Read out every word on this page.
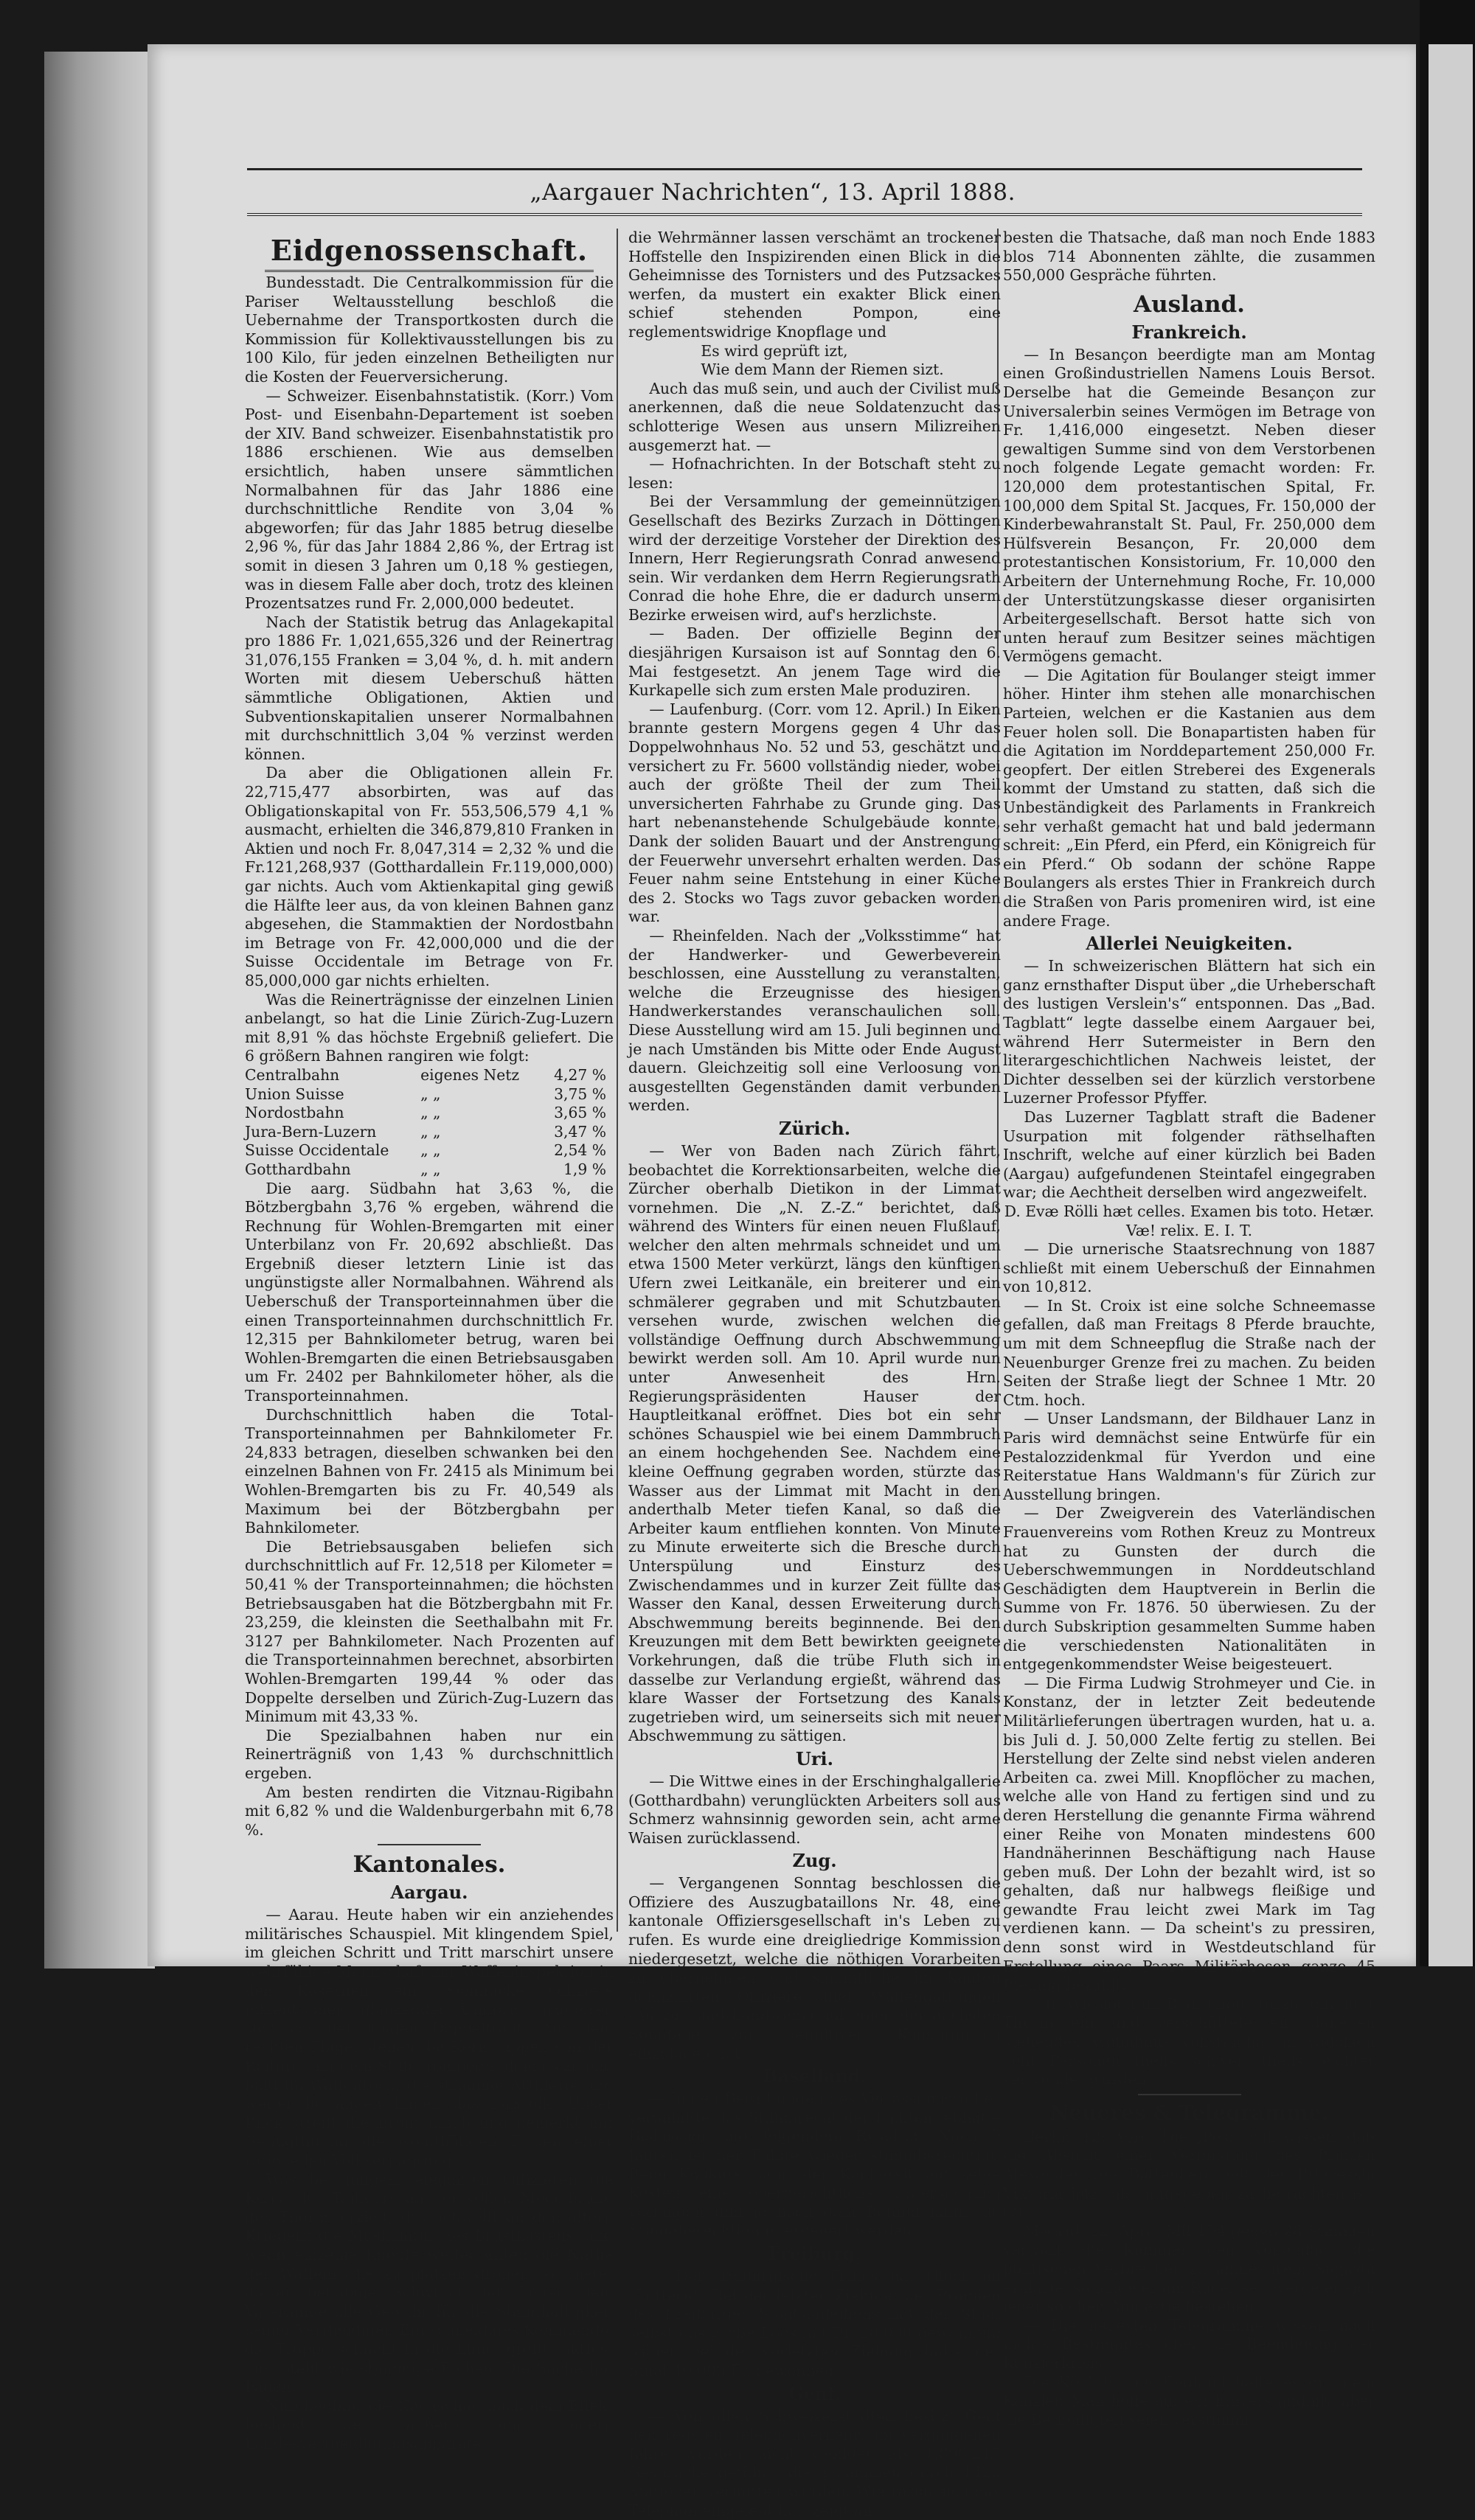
„Aargauer Nachrichten“, 13. April 1888.
Eidgenossenschaft.

Bundesstadt. Die Centralkommission für die Pariser Weltausstellung beschloß die Uebernahme der Transportkosten durch die Kommission für Kollektivausstellungen bis zu 100 Kilo, für jeden einzelnen Betheiligten nur die Kosten der Feuerversicherung.

— Schweizer. Eisenbahnstatistik. (Korr.) Vom Post- und Eisenbahn-Departement ist soeben der XIV. Band schweizer. Eisenbahnstatistik pro 1886 erschienen. Wie aus demselben ersichtlich, haben unsere sämmtlichen Normalbahnen für das Jahr 1886 eine durchschnittliche Rendite von 3,04 % abgeworfen; für das Jahr 1885 betrug dieselbe 2,96 %, für das Jahr 1884 2,86 %, der Ertrag ist somit in diesen 3 Jahren um 0,18 % gestiegen, was in diesem Falle aber doch, trotz des kleinen Prozentsatzes rund Fr. 2,000,000 bedeutet.

Nach der Statistik betrug das Anlagekapital pro 1886 Fr. 1,021,655,326 und der Reinertrag 31,076,155 Franken = 3,04 %, d. h. mit andern Worten mit diesem Ueberschuß hätten sämmtliche Obligationen, Aktien und Subventionskapitalien unserer Normalbahnen mit durchschnittlich 3,04 % verzinst werden können.

Da aber die Obligationen allein Fr. 22,715,477 absorbirten, was auf das Obligationskapital von Fr. 553,506,579 4,1 % ausmacht, erhielten die 346,879,810 Franken in Aktien und noch Fr. 8,047,314 = 2,32 % und die Fr.121,268,937 (Gotthardallein Fr.119,000,000) gar nichts. Auch vom Aktienkapital ging gewiß die Hälfte leer aus, da von kleinen Bahnen ganz abgesehen, die Stammaktien der Nordostbahn im Betrage von Fr. 42,000,000 und die der Suisse Occidentale im Betrage von Fr. 85,000,000 gar nichts erhielten.

Was die Reinerträgnisse der einzelnen Linien anbelangt, so hat die Linie Zürich-Zug-Luzern mit 8,91 % das höchste Ergebniß geliefert. Die 6 größern Bahnen rangiren wie folgt:

Centralbahn	eigenes Netz	4,27 %
Union Suisse	„ „	3,75 %
Nordostbahn	„ „	3,65 %
Jura-Bern-Luzern	„ „	3,47 %
Suisse Occidentale	„ „	2,54 %
Gotthardbahn	„ „	1,9 %

Die aarg. Südbahn hat 3,63 %, die Bötzbergbahn 3,76 % ergeben, während die Rechnung für Wohlen-Bremgarten mit einer Unterbilanz von Fr. 20,692 abschließt. Das Ergebniß dieser letztern Linie ist das ungünstigste aller Normalbahnen. Während als Ueberschuß der Transporteinnahmen über die einen Transporteinnahmen durchschnittlich Fr. 12,315 per Bahnkilometer betrug, waren bei Wohlen-Bremgarten die einen Betriebsausgaben um Fr. 2402 per Bahnkilometer höher, als die Transporteinnahmen.

Durchschnittlich haben die Total-Transporteinnahmen per Bahnkilometer Fr. 24,833 betragen, dieselben schwanken bei den einzelnen Bahnen von Fr. 2415 als Minimum bei Wohlen-Bremgarten bis zu Fr. 40,549 als Maximum bei der Bötzbergbahn per Bahnkilometer.

Die Betriebsausgaben beliefen sich durchschnittlich auf Fr. 12,518 per Kilometer = 50,41 % der Transporteinnahmen; die höchsten Betriebsausgaben hat die Bötzbergbahn mit Fr. 23,259, die kleinsten die Seethalbahn mit Fr. 3127 per Bahnkilometer. Nach Prozenten auf die Transporteinnahmen berechnet, absorbirten Wohlen-Bremgarten 199,44 % oder das Doppelte derselben und Zürich-Zug-Luzern das Minimum mit 43,33 %.

Die Spezialbahnen haben nur ein Reinerträgniß von 1,43 % durchschnittlich ergeben.

Am besten rendirten die Vitznau-Rigibahn mit 6,82 % und die Waldenburgerbahn mit 6,78 %.

Kantonales.
Aargau.

— Aarau. Heute haben wir ein anziehendes militärisches Schauspiel. Mit klingendem Spiel, im gleichen Schritt und Tritt marschirt unsere wehrfähige Mannschaft zur Waffeninspektion in den Kasernen ein. Schmucke Offiziere inkleidsamer, glänzender Uniform gruppiren sich vor der langen Doppelfront. Auf dem rechten Flügel stehen die Kerntruppen von der Reiterei mit dem Stabstrompeter, dem es zu eng bald im Waffenrock, die stramme Artillerie und weiter in langen Linien das Fußvolk. Unser Blick streift die Front hinab und bemerkt mit Genugthuung die wohlthätigen Folgen einer rationellen Volksernährung.

Was bei jungen, eleganten Offizieren die Kunst des Tailleurs an der vollen Modellirung des Thorax erzielt, das schwellt an den ältern Kriegern die Muskulatur des Brustkastens, und wenn einzelne Knöpfe weiter unten die Näthe der Waffenröcke zu platzen drohen, so bietet dieser behäbige Schwung der Linien dem Vaterlande alle Gewähr für die Standhaftigkeit seiner Vertheidiger. Ein schneidiges Kommando, die Truppe schnellt in die Linie, greift taktfest aus, steht wie stämmige Eichen. Die Sache hat Faden.

Nun beginnt die Nachschau nach dem Effekt bestand der äußern und innern Landesvertheidigungsapparate;

die Wehrmänner lassen verschämt an trockener Hoffstelle den Inspizirenden einen Blick in die Geheimnisse des Tornisters und des Putzsackes werfen, da mustert ein exakter Blick einen schief stehenden Pompon, eine reglementswidrige Knopflage und

Es wird geprüft izt,

Wie dem Mann der Riemen sizt.

Auch das muß sein, und auch der Civilist muß anerkennen, daß die neue Soldatenzucht das schlotterige Wesen aus unsern Milizreihen ausgemerzt hat. —

— Hofnachrichten. In der Botschaft steht zu lesen:

Bei der Versammlung der gemeinnützigen Gesellschaft des Bezirks Zurzach in Döttingen wird der derzeitige Vorsteher der Direktion des Innern, Herr Regierungsrath Conrad anwesend sein. Wir verdanken dem Herrn Regierungsrath Conrad die hohe Ehre, die er dadurch unserm Bezirke erweisen wird, auf's herzlichste.

— Baden. Der offizielle Beginn der diesjährigen Kursaison ist auf Sonntag den 6. Mai festgesetzt. An jenem Tage wird die Kurkapelle sich zum ersten Male produziren.

— Laufenburg. (Corr. vom 12. April.) In Eiken brannte gestern Morgens gegen 4 Uhr das Doppelwohnhaus No. 52 und 53, geschätzt und versichert zu Fr. 5600 vollständig nieder, wobei auch der größte Theil der zum Theil unversicherten Fahrhabe zu Grunde ging. Das hart nebenanstehende Schulgebäude konnte, Dank der soliden Bauart und der Anstrengung der Feuerwehr unversehrt erhalten werden. Das Feuer nahm seine Entstehung in einer Küche des 2. Stocks wo Tags zuvor gebacken worden war.

— Rheinfelden. Nach der „Volksstimme“ hat der Handwerker- und Gewerbeverein beschlossen, eine Ausstellung zu veranstalten, welche die Erzeugnisse des hiesigen Handwerkerstandes veranschaulichen soll. Diese Ausstellung wird am 15. Juli beginnen und je nach Umständen bis Mitte oder Ende August dauern. Gleichzeitig soll eine Verloosung von ausgestellten Gegenständen damit verbunden werden.

Zürich.

— Wer von Baden nach Zürich fährt, beobachtet die Korrektionsarbeiten, welche die Zürcher oberhalb Dietikon in der Limmat vornehmen. Die „N. Z.-Z.“ berichtet, daß während des Winters für einen neuen Flußlauf, welcher den alten mehrmals schneidet und um etwa 1500 Meter verkürzt, längs den künftigen Ufern zwei Leitkanäle, ein breiterer und ein schmälerer gegraben und mit Schutzbauten versehen wurde, zwischen welchen die vollständige Oeffnung durch Abschwemmung bewirkt werden soll. Am 10. April wurde nun unter Anwesenheit des Hrn. Regierungspräsidenten Hauser der Hauptleitkanal eröffnet. Dies bot ein sehr schönes Schauspiel wie bei einem Dammbruch an einem hochgehenden See. Nachdem eine kleine Oeffnung gegraben worden, stürzte das Wasser aus der Limmat mit Macht in den anderthalb Meter tiefen Kanal, so daß die Arbeiter kaum entfliehen konnten. Von Minute zu Minute erweiterte sich die Bresche durch Unterspülung und Einsturz des Zwischendammes und in kurzer Zeit füllte das Wasser den Kanal, dessen Erweiterung durch Abschwemmung bereits beginnende. Bei den Kreuzungen mit dem Bett bewirkten geeignete Vorkehrungen, daß die trübe Fluth sich in dasselbe zur Verlandung ergießt, während das klare Wasser der Fortsetzung des Kanals zugetrieben wird, um seinerseits sich mit neuer Abschwemmung zu sättigen.

Uri.

— Die Wittwe eines in der Erschinghalgallerie (Gotthardbahn) verunglückten Arbeiters soll aus Schmerz wahnsinnig geworden sein, acht arme Waisen zurücklassend.

Zug.

— Vergangenen Sonntag beschlossen die Offiziere des Auszugbataillons Nr. 48, eine kantonale Offiziersgesellschaft in's Leben zu rufen. Es wurde eine dreigliedrige Kommission niedergesetzt, welche die nöthigen Vorarbeiten zu übernehmen und sämmtliche im Kanton domizilirten Offiziere aller Waffengattungen (Auszug und Landwehr) auf einen der nächsten Sonntage zur definitiven Konstituirung einzuladen hat.

Baselland.

— In den Berathungen des Verfassungsrathes veranlaßte das Stimmrecht der Falliten lebhafte Diskussion mit folgendem Resultat: Nach 5 Jahren ist der Fallite wieder stimmberechtigt. Beim Konkurs kann der Konkursit auf seine Kosten eine obergerichtliche Untersuchung verlangen und je nach dem Befund kann die Stimmberechtigung erneuert werden.

Freiburg.

— Der freiburgische Fiskus hat Glück im „Lottern“. Bei der letzten Ziehung der Prämien des Freiburger Staatsanleihens hat der Staat selbst das große Loos mit Fr. 20,000 gewonnen; früher, bei der vorletzten Ziehung hatte der Staat 10,000 Fr. gewonnen.

Genf.

— Von allen Schweizerstädten besitzt Genf den regsten Telephonverkehr; im vergangenen Jahre wurden nicht weniger als 1,896,215 Gespräche geführt, die zusammen durch 1429 Stationen vermittelt wurden. Wie rasch sich das Telephon eingelebt hat, zeigt am

besten die Thatsache, daß man noch Ende 1883 blos 714 Abonnenten zählte, die zusammen 550,000 Gespräche führten.

Ausland.
Frankreich.

— In Besançon beerdigte man am Montag einen Großindustriellen Namens Louis Bersot. Derselbe hat die Gemeinde Besançon zur Universalerbin seines Vermögen im Betrage von Fr. 1,416,000 eingesetzt. Neben dieser gewaltigen Summe sind von dem Verstorbenen noch folgende Legate gemacht worden: Fr. 120,000 dem protestantischen Spital, Fr. 100,000 dem Spital St. Jacques, Fr. 150,000 der Kinderbewahranstalt St. Paul, Fr. 250,000 dem Hülfsverein Besançon, Fr. 20,000 dem protestantischen Konsistorium, Fr. 10,000 den Arbeitern der Unternehmung Roche, Fr. 10,000 der Unterstützungskasse dieser organisirten Arbeitergesellschaft. Bersot hatte sich von unten herauf zum Besitzer seines mächtigen Vermögens gemacht.

— Die Agitation für Boulanger steigt immer höher. Hinter ihm stehen alle monarchischen Parteien, welchen er die Kastanien aus dem Feuer holen soll. Die Bonapartisten haben für die Agitation im Norddepartement 250,000 Fr. geopfert. Der eitlen Streberei des Exgenerals kommt der Umstand zu statten, daß sich die Unbeständigkeit des Parlaments in Frankreich sehr verhaßt gemacht hat und bald jedermann schreit: „Ein Pferd, ein Pferd, ein Königreich für ein Pferd.“ Ob sodann der schöne Rappe Boulangers als erstes Thier in Frankreich durch die Straßen von Paris promeniren wird, ist eine andere Frage.

Allerlei Neuigkeiten.

— In schweizerischen Blättern hat sich ein ganz ernsthafter Disput über „die Urheberschaft des lustigen Verslein's“ entsponnen. Das „Bad. Tagblatt“ legte dasselbe einem Aargauer bei, während Herr Sutermeister in Bern den literargeschichtlichen Nachweis leistet, der Dichter desselben sei der kürzlich verstorbene Luzerner Professor Pfyffer.

Das Luzerner Tagblatt straft die Badener Usurpation mit folgender räthselhaften Inschrift, welche auf einer kürzlich bei Baden (Aargau) aufgefundenen Steintafel eingegraben war; die Aechtheit derselben wird angezweifelt.

D. Evæ Rölli hæt celles. Examen bis toto. Hetær. Væ! relix. E. I. T.

— Die urnerische Staatsrechnung von 1887 schließt mit einem Ueberschuß der Einnahmen von 10,812.

— In St. Croix ist eine solche Schneemasse gefallen, daß man Freitags 8 Pferde brauchte, um mit dem Schneepflug die Straße nach der Neuenburger Grenze frei zu machen. Zu beiden Seiten der Straße liegt der Schnee 1 Mtr. 20 Ctm. hoch.

— Unser Landsmann, der Bildhauer Lanz in Paris wird demnächst seine Entwürfe für ein Pestalozzidenkmal für Yverdon und eine Reiterstatue Hans Waldmann's für Zürich zur Ausstellung bringen.

— Der Zweigverein des Vaterländischen Frauenvereins vom Rothen Kreuz zu Montreux hat zu Gunsten der durch die Ueberschwemmungen in Norddeutschland Geschädigten dem Hauptverein in Berlin die Summe von Fr. 1876. 50 überwiesen. Zu der durch Subskription gesammelten Summe haben die verschiedensten Nationalitäten in entgegenkommendster Weise beigesteuert.

— Die Firma Ludwig Strohmeyer und Cie. in Konstanz, der in letzter Zeit bedeutende Militärlieferungen übertragen wurden, hat u. a. bis Juli d. J. 50,000 Zelte fertig zu stellen. Bei Herstellung der Zelte sind nebst vielen anderen Arbeiten ca. zwei Mill. Knopflöcher zu machen, welche alle von Hand zu fertigen sind und zu deren Herstellung die genannte Firma während einer Reihe von Monaten mindestens 600 Handnäherinnen Beschäftigung nach Hause geben muß. Der Lohn der bezahlt wird, ist so gehalten, daß nur halbwegs fleißige und gewandte Frau leicht zwei Mark im Tag verdienen kann. — Da scheint's zu pressiren, denn sonst wird in Westdeutschland für Erstellung eines Paars Militärhosen ganze 45 Pfennig bezahlt.

— In Wiesloch im Badischen stürzte ein alter Thurm ein und verschüttete ein daneben stehendes Wohnhaus vollständig, in welchem acht Personen theils schwer, theils leichter verwundet wurden.

Neueres & Telegramme.

Berlin, 12. April. Die „Post“ will wissen, daß die Absicht einer Verbindung des Prinzen Alexander von Battenberg mit der Prinzessin Viktoria jetzt als aufgegeben zu betrachten ist. (?)

Madrid, 12. April. Mit 154 gegen 28 Stimmen verwarf die Kammer den Vorschlag, die politischen Verbrecher zu amnestiren; Sagasta erklärte, so lange er am Ruder sei, werde er sich jeder solchen Amnestie bestehen.

— Die neuesten Telegramme wissen noch nichts Bestimmtes über die Beendigung der Kanzlerkrisis.

Die Königin von England halte es mit dem Kanzler. Man hoffe auf ein Einverständniß, aber die Betheiligten seien verstimmt.
